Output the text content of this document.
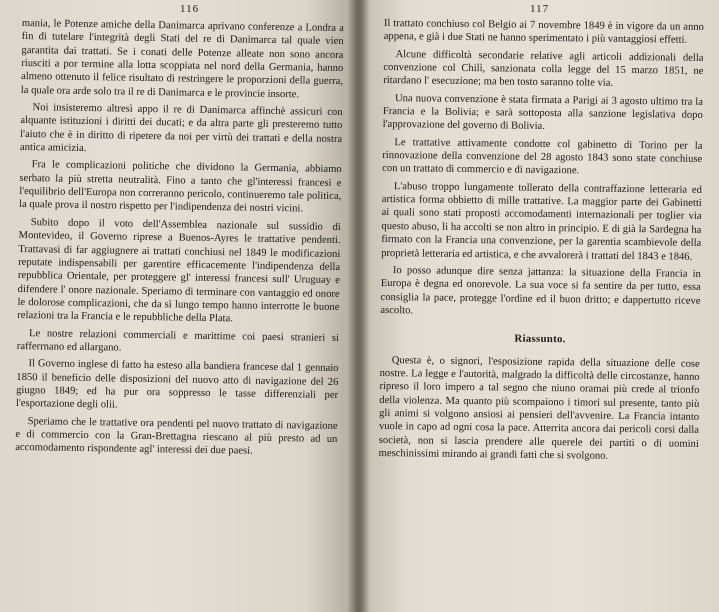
116

mania, le Potenze amiche della Danimarca aprivano conferenze a Londra a fin di tutelare l'integrità degli Stati del re di Danimarca tal quale vien garantita dai trattati. Se i conati delle Potenze alleate non sono ancora riusciti a por termine alla lotta scoppiata nel nord della Germania, hanno almeno ottenuto il felice risultato di restringere le proporzioni della guerra, la quale ora arde solo tra il re di Danimarca e le provincie insorte.

Noi insisteremo altresì appo il re di Danimarca affinchè assicuri con alquante istituzioni i diritti dei ducati; e da altra parte gli presteremo tutto l'aiuto che è in diritto di ripetere da noi per virtù dei trattati e della nostra antica amicizia.

Fra le complicazioni politiche che dividono la Germania, abbiamo serbato la più stretta neutralità. Fino a tanto che gl'interessi francesi e l'equilibrio dell'Europa non correranno pericolo, continueremo tale politica, la quale prova il nostro rispetto per l'indipendenza dei nostri vicini.

Subito dopo il voto dell'Assemblea nazionale sul sussidio di Montevideo, il Governo riprese a Buenos-Ayres le trattative pendenti. Trattavasi di far aggiugnere ai trattati conchiusi nel 1849 le modificazioni reputate indispensabili per garentire efficacemente l'indipendenza della repubblica Orientale, per proteggere gl' interessi francesi sull' Uruguay e difendere l' onore nazionale. Speriamo di terminare con vantaggio ed onore le dolorose complicazioni, che da sì lungo tempo hanno interrotte le buone relazioni tra la Francia e le repubbliche della Plata.

Le nostre relazioni commerciali e marittime coi paesi stranieri si rafferrnano ed allargano.

Il Governo inglese di fatto ha esteso alla bandiera francese dal 1 gennaio 1850 il beneficio delle disposizioni del nuovo atto di navigazione del 26 giugno 1849; ed ha pur ora soppresso le tasse differenziali per l'esportazione degli olii.

Speriamo che le trattative ora pendenti pel nuovo trattato di navigazione e di commercio con la Gran-Brettagna riescano al più presto ad un accomodamento rispondente agl' interessi dei due paesi.

117

Il trattato conchiuso col Belgio ai 7 novembre 1849 è in vigore da un anno appena, e già i due Stati ne hanno sperimentato i più vantaggiosi effetti.

Alcune difficoltà secondarie relative agli articoli addizionali della convenzione col Chilì, sanzionata colla legge del 15 marzo 1851, ne ritardano l' esecuzione; ma ben tosto saranno tolte via.

Una nuova convenzione è stata firmata a Parigi ai 3 agosto ultimo tra la Francia e la Bolivia; e sarà sottoposta alla sanzione legislativa dopo l'approvazione del governo di Bolivia.

Le trattative attivamente condotte col gabinetto di Torino per la rinnovazione della convenzione del 28 agosto 1843 sono state conchiuse con un trattato di commercio e di navigazione.

L'abuso troppo lungamente tollerato della contraffazione letteraria ed artistica forma obbietto di mille trattative. La maggior parte dei Gabinetti ai quali sono stati proposti accomodamenti internazionali per toglier via questo abuso, li ha accolti se non altro in principio. E di già la Sardegna ha firmato con la Francia una convenzione, per la garentia scambievole della proprietà letteraria ed artistica, e che avvalorerà i trattati del 1843 e 1846.

Io posso adunque dire senza jattanza: la situazione della Francia in Europa è degna ed onorevole. La sua voce si fa sentire da per tutto, essa consiglia la pace, protegge l'ordine ed il buon dritto; e dappertutto riceve ascolto.

Riassunto.

Questa è, o signori, l'esposizione rapida della situazione delle cose nostre. La legge e l'autorità, malgrado la difficoltà delle circostanze, hanno ripreso il loro impero a tal segno che niuno oramai più crede al trionfo della violenza. Ma quanto più scompaiono i timori sul presente, tanto più gli animi si volgono ansiosi ai pensieri dell'avvenire. La Francia intanto vuole in capo ad ogni cosa la pace. Atterrita ancora dai pericoli corsi dalla società, non si lascia prendere alle querele dei partiti o di uomini meschinissimi mirando ai grandi fatti che si svolgono.
